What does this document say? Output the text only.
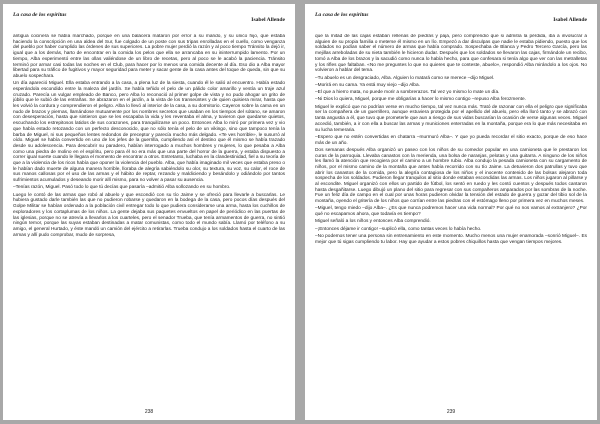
La casa de los espíritus
Isabel Allende

antigua cocinera se había marchado, porque en una balacera mataron por error a su marido, y su único hijo, que estaba haciendo la conscripción en una aldea del Sur, fue colgado de un poste con sus tripas enrolladas en el cuello, como venganza del pueblo por haber cumplido las órdenes de sus superiores. La pobre mujer perdió la razón y al poco tiempo Tránsito la dejó ir, igual que a los demás, harto de encontrar en la comida los pelos que ella se arrancaba en su ininterrumpido lamento. Por un tiempo, Alba experimentó entre las ollas valiéndose de un libro de recetas, pero al poco se le acabó la paciencia. Tránsito terminó por armar casi todas las noches en el Club, para hacer por lo menos una comida decente al día. Eso dio a Alba mayor libertad para su tráfico de fugitivos y mayor seguridad para meter y sacar gente de la casa antes del toque de queda, sin que su abuelo sospechara.

Un día apareció Miguel. Ella estaba entrando a la casa, a plena luz de la siesta, cuando él le salió al encuentro. Había estado esperándola escondido entre la maleza del jardín. Se había teñido el pelo de un pálido color amarillo y vestía un traje azul cruzado. Parecía un vulgar empleado de Banco, pero Alba lo reconoció al primer golpe de vista y no pudo ahogar un grito de júbilo que le subió de las entrañas. Se abrazaron en el jardín, a la vista de los transeúntes y de quien quisiera mirar, hasta que les volvió la cordura y comprendieron el peligro. Alba lo llevó al interior de la casa, a su dormitorio. Cayeron sobre la cama en un nudo de brazos y piernas, llamándose mutuamente por los nombres secretos que usaban en los tiempos del sótano, se amaron con desesperación, hasta que sintieron que se les escapaba la vida y les reventaba el alma, y tuvieron que quedarse quietos, escuchando los estrepitosos latidos de sus corazones, para tranquilizarse un poco. Entonces Alba lo miró por primera vez y vio que había estado retozando con un perfecto desconocido, que no sólo tenía el pelo de un vikingo, sino que tampoco tenía la barba de Miguel, ni sus pequeños lentes redondos de preceptor y parecía mucho más delgado. «Te ves horrible», le susurró al oído. Miguel se había convertido en uno de los jefes de la guerrilla, cumpliendo así el destino que él mismo se había trazado desde su adolescencia. Para descubrir su paradero, habían interrogado a muchos hombres y mujeres, lo que pesaba a Alba como una piedra de molino en el espíritu, pero para él no era más que una parte del horror de la guerra, y estaba dispuesto a correr igual suerte cuando le llegara el momento de encontrar a otros. Entretanto, luchaba en la clandestinidad, fiel a su teoría de que a la violencia de los ricos había que oponer la violencia del pueblo. Alba, que había imaginado mil veces que estaba preso o le habían dado muerte de alguna manera horrible, lloraba de alegría sabiéndolo su olor, su textura, su voz, su calor, el roce de sus manos callosas por el uso de las armas y el hábito de reptar, rezando y maldiciendo y besándolo y odiándolo por tantos sufrimientos acumulados y deseando morir allí mismo, para no volver a pasar su ausencia.

–Tenías razón, Miguel. Pasó todo lo que tú decías que pasaría –admitió Alba sollozando en su hombro.

Luego le contó de las armas que robó al abuelo y que escondió con su tío Jaime y se ofreció para llevarle a buscarlas. Le hubiera gustado darle también las que no pudieron robarse y quedaron en la bodega de la casa, pero pocos días después del Golpe Militar se habían ordenado a la población civil entregar todo lo que pudiera considerarse una arma, hasta los cuchillos de exploradores y los cortaplumas de los niños. La gente dejaba sus paquetes envueltos en papel de periódico en las puertas de las iglesias, porque no se atrevía a llevarlos a los cuarteles, pero el senador Trueba, que tenía armamentos de guerra, no sintió ningún temor, porque las suyas estaban destinadas a matar comunistas, como todo el mundo sabía. Llamó por teléfono a su amigo, el general Hurtado, y éste mandó un camión del ejército a retirarlas. Trueba condujo a los soldados hasta el cuarto de las armas y allí pudo comprobar, mudo de sorpresa,

238
La casa de los espíritus
Isabel Allende

que la mitad de las cajas estaban rellenas de piedras y paja, pero comprendió que si admitía la pérdida, iba a involucrar a alguien de su propia familia o meterse él mismo en un lío. Empezó a dar disculpas que nadie le estaba pidiendo, puesto que los soldados no podían saber el número de armas que había comprado. Sospechaba de Blanca y Pedro Tercero García, pero las mejillas arreboladas de su nieta también le hicieron dudar. Después que los soldados se llevaron las cajas, firmándole un recibo, tomó a Alba de los brazos y la sacudió como nunca lo había hecho, para que confesara si tenía algo que ver con las metralletas y los rifles que faltaban. «No me preguntes lo que no quieres que te conteste, abuelo», respondió Alba mirándolo a los ojos. No volvieron a hablar del tema.

–Tu abuelo es un desgraciado, Alba. Alguien lo matará como se merece –dijo Miguel.

–Morirá en su cama. Ya está muy viejo –dijo Alba.

–El que a hierro mata, no puede morir a sombrerazos. Tal vez yo mismo lo mate un día.

–Ni Dios lo quiera, Miguel, porque me obligarías a hacer lo mismo contigo –repuso Alba ferozmente.

Miguel le explicó que no podrían verse en mucho tiempo, tal vez nunca más. Trató de razonar con ella el peligro que significaba ser la compañera de un guerrillero, aunque estuviera protegida por el apellido del abuelo, pero ella lloró tanto y se abrazó con tanta angustia a él, que tuvo que prometerle que aun a riesgo de sus vidas buscarían la ocasión de verse algunas veces. Miguel accedió, también, a ir con ella a buscar las armas y municiones enterradas en la montaña, porque era lo que más necesitaba en su lucha temeraria.

–Espero que no estén convertidas en chatarra –murmuró Alba–. Y que yo pueda recordar el sitio exacto, porque de eso hace más de un año.

Dos semanas después Alba organizó un paseo con los niños de su comedor popular en una camioneta que le prestaron los curas de la parroquia. Llevaba canastos con la merienda, una bolsa de naranjas, pelotas y una guitarra. A ninguno de los niños les llamó la atención que recogiera por el camino a un hombre rubio. Alba condujo la pesada camioneta con su cargamento de niños, por el mismo camino de la montaña que antes había recorrido con su tío Jaime. La detuvieron dos patrullas y tuvo que abrir los canastos de la comida, pero la alegría contagiosa de los niños y el inocente contenido de las bolsas alejaron toda sospecha de los soldados. Pudieron llegar tranquilos al sitio donde estaban escondidas las armas. Los niños jugaron al pillarse y al escondite. Miguel organizó con ellos un partido de fútbol, los sentó en ruedo y les contó cuentos y después todos cantaron hasta desgañitarse. Luego dibujó un plano del sitio para regresar con sus compañeros amparados por las sombras de la noche. Fue un feliz día de campo en el cual por unas horas pudieron olvidar la tensión del estado de guerra y gozar del tibio sol de la montaña, oyendo el gritería de los niños que corrían entre las piedras con el estómago lleno por primera vez en muchos meses.

–Miguel, tengo miedo –dijo Alba–. ¿Es que nunca podremos hacer una vida normal? Por qué no nos vamos al extranjero? ¿Por qué no escapamos ahora, que todavía es tiempo?

Miguel señaló a los niños y entonces Alba comprendió.

–¡Entonces déjame ir contigo! –suplicó ella, como tantas veces lo había hecho.

–No podemos tener una persona sin entrenamiento en este momento. Mucho menos una mujer enamorada –sonrió Miguel–. Es mejor que tú sigas cumpliendo tu labor. Hay que ayudar a estos pobres chiquillos hasta que vengan tiempos mejores.

239
